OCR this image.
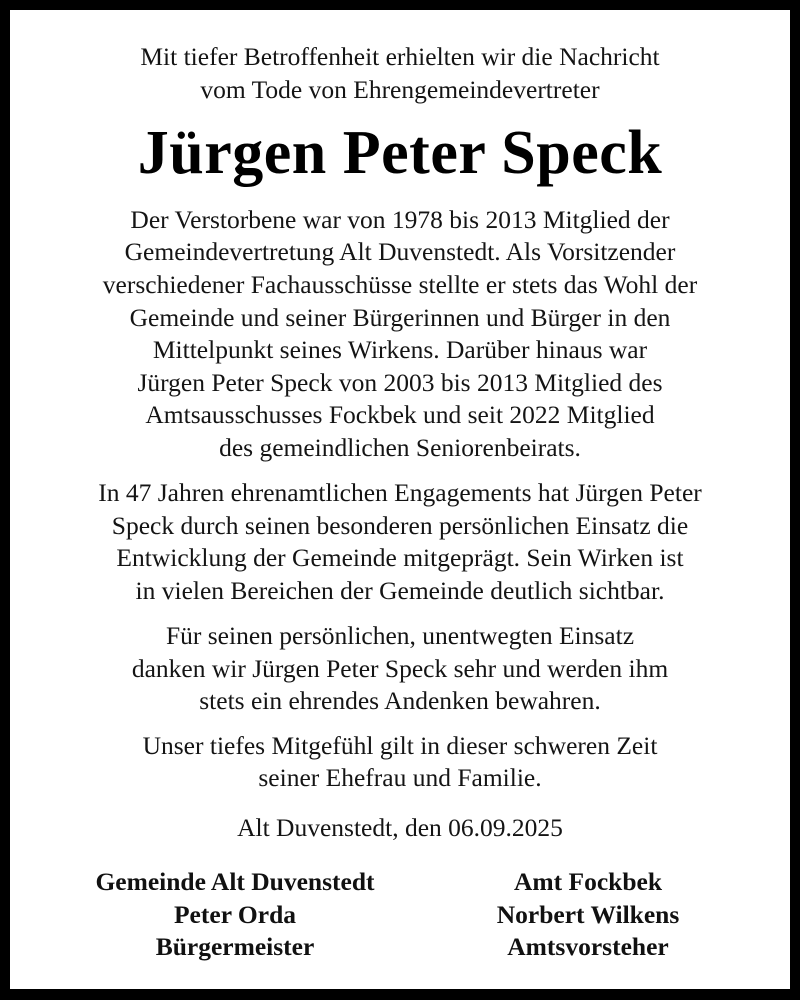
Mit tiefer Betroffenheit erhielten wir die Nachricht
vom Tode von Ehrengemeindevertreter
Jürgen Peter Speck
Der Verstorbene war von 1978 bis 2013 Mitglied der
Gemeindevertretung Alt Duvenstedt. Als Vorsitzender
verschiedener Fachausschüsse stellte er stets das Wohl der
Gemeinde und seiner Bürgerinnen und Bürger in den
Mittelpunkt seines Wirkens. Darüber hinaus war
Jürgen Peter Speck von 2003 bis 2013 Mitglied des
Amtsausschusses Fockbek und seit 2022 Mitglied
des gemeindlichen Seniorenbeirats.
In 47 Jahren ehrenamtlichen Engagements hat Jürgen Peter
Speck durch seinen besonderen persönlichen Einsatz die
Entwicklung der Gemeinde mitgeprägt. Sein Wirken ist
in vielen Bereichen der Gemeinde deutlich sichtbar.
Für seinen persönlichen, unentwegten Einsatz
danken wir Jürgen Peter Speck sehr und werden ihm
stets ein ehrendes Andenken bewahren.
Unser tiefes Mitgefühl gilt in dieser schweren Zeit
seiner Ehefrau und Familie.
Alt Duvenstedt, den 06.09.2025
Gemeinde Alt Duvenstedt
Peter Orda
Bürgermeister
Amt Fockbek
Norbert Wilkens
Amtsvorsteher
